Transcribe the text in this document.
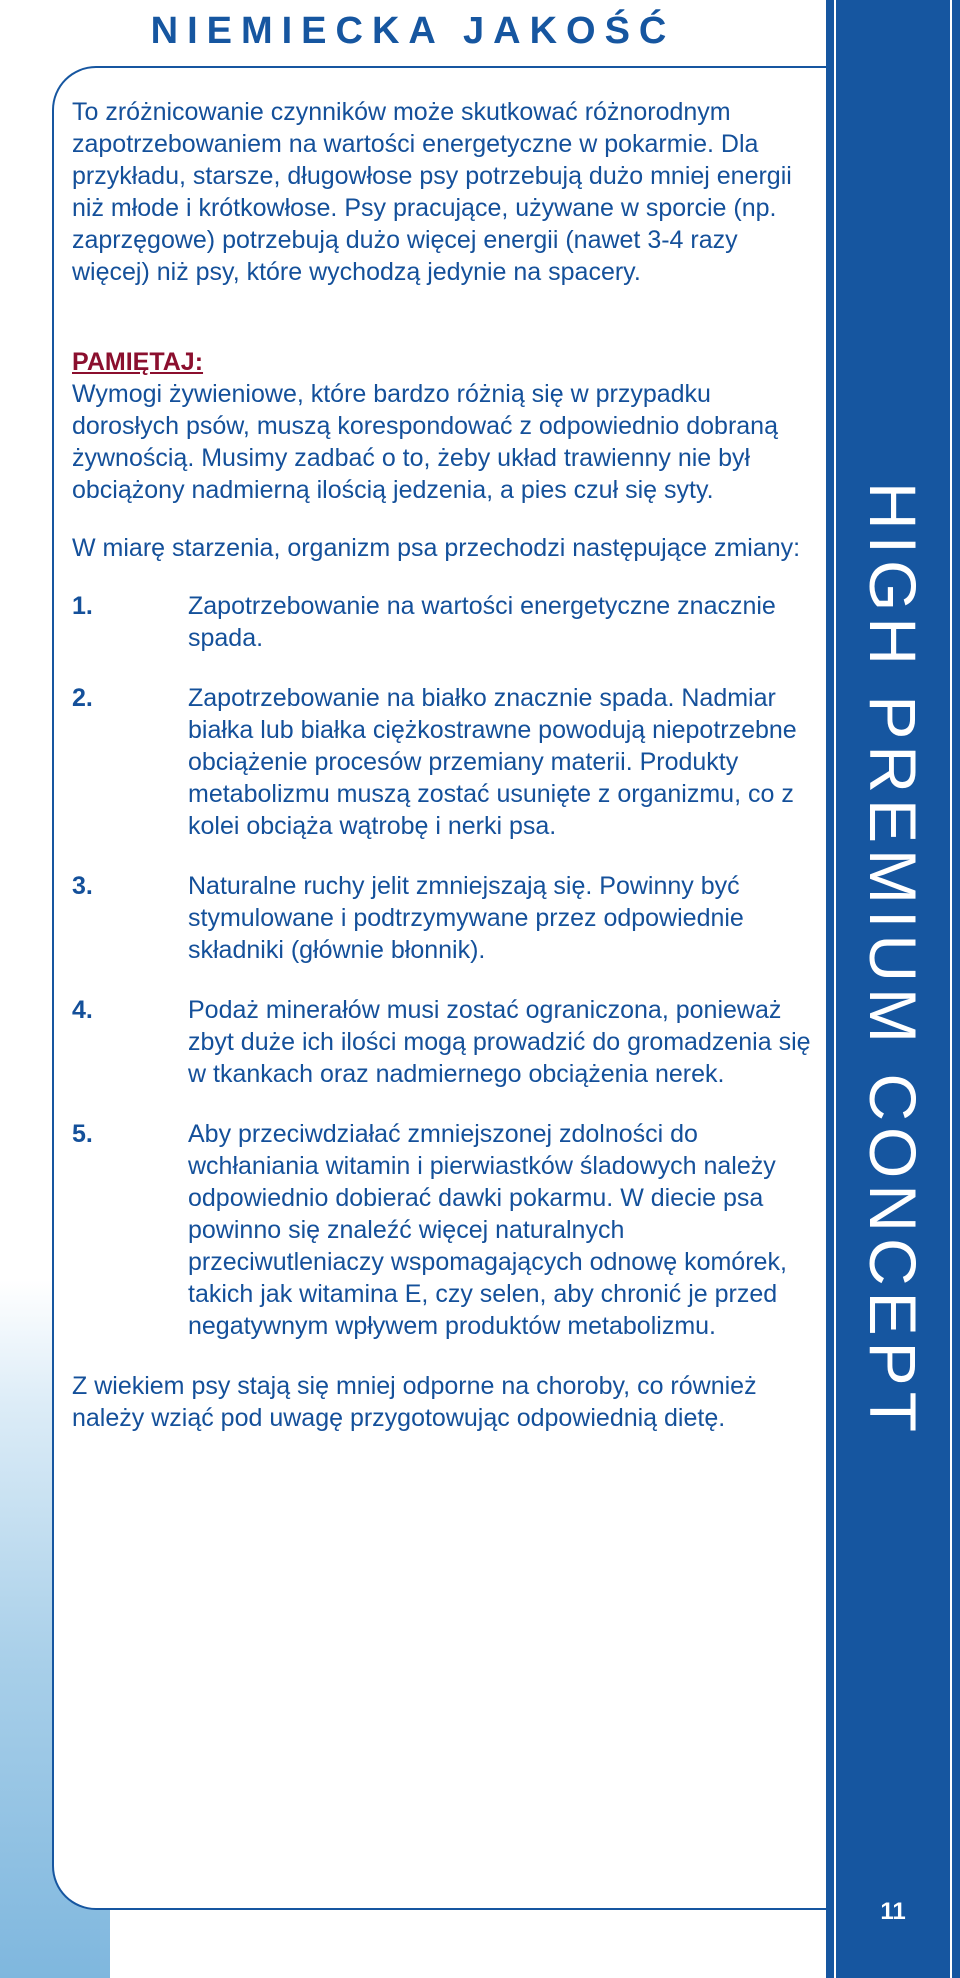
NIEMIECKA JAKOŚĆ

To zróżnicowanie czynników może skutkować różnorodnym zapotrzebowaniem na wartości energetyczne w pokarmie. Dla przykładu, starsze, długowłose psy potrzebują dużo mniej energii niż młode i krótkowłose. Psy pracujące, używane w sporcie (np. zaprzęgowe) potrzebują dużo więcej energii (nawet 3-4 razy więcej) niż psy, które wychodzą jedynie na spacery.

PAMIĘTAJ:

Wymogi żywieniowe, które bardzo różnią się w przypadku dorosłych psów, muszą korespondować z odpowiednio dobraną żywnością. Musimy zadbać o to, żeby układ trawienny nie był obciążony nadmierną ilością jedzenia, a pies czuł się syty.

W miarę starzenia, organizm psa przechodzi następujące zmiany:

1.	Zapotrzebowanie na wartości energetyczne znacznie spada.
2.	Zapotrzebowanie na białko znacznie spada. Nadmiar białka lub białka ciężkostrawne powodują niepotrzebne obciążenie procesów przemiany materii. Produkty metabolizmu muszą zostać usunięte z organizmu, co z kolei obciąża wątrobę i nerki psa.
3.	Naturalne ruchy jelit zmniejszają się. Powinny być stymulowane i podtrzymywane przez odpowiednie składniki (głównie błonnik).
4.	Podaż minerałów musi zostać ograniczona, ponieważ zbyt duże ich ilości mogą prowadzić do gromadzenia się w tkankach oraz nadmiernego obciążenia nerek.
5.	Aby przeciwdziałać zmniejszonej zdolności do wchłaniania witamin i pierwiastków śladowych należy odpowiednio dobierać dawki pokarmu. W diecie psa powinno się znaleźć więcej naturalnych przeciwutleniaczy wspomagających odnowę komórek, takich jak witamina E, czy selen, aby chronić je przed negatywnym wpływem produktów metabolizmu.

Z wiekiem psy stają się mniej odporne na choroby, co również należy wziąć pod uwagę przygotowując odpowiednią dietę.	HIGH PREMIUM CONCEPT
11
